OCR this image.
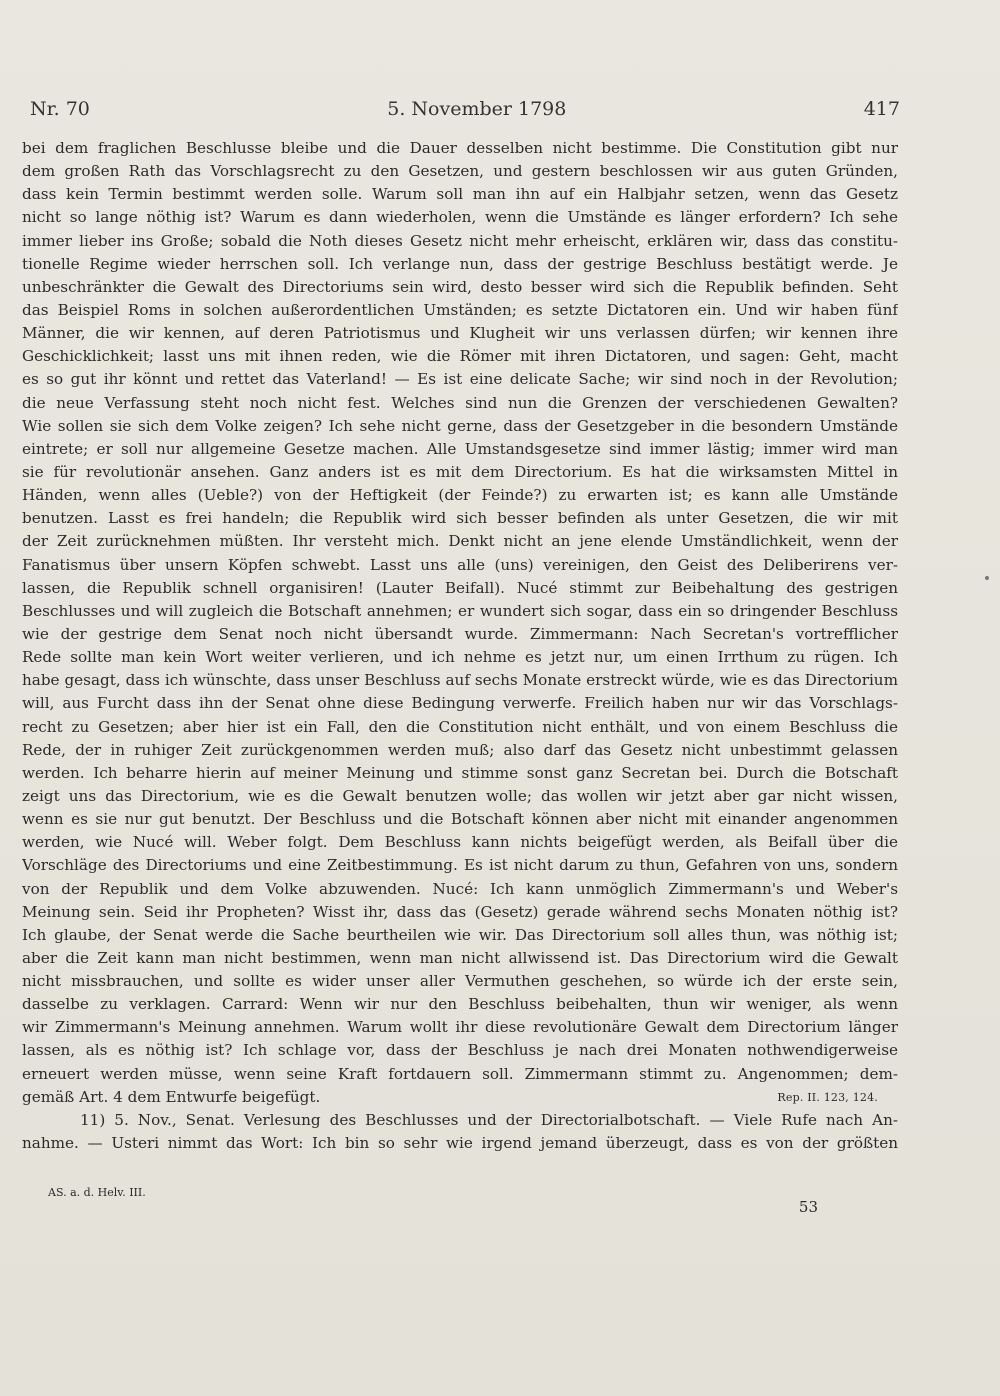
Nr. 70	5. November 1798	417
bei dem fraglichen Beschlusse bleibe und die Dauer desselben nicht bestimme. Die Constitution gibt nur
dem großen Rath das Vorschlagsrecht zu den Gesetzen, und gestern beschlossen wir aus guten Gründen,
dass kein Termin bestimmt werden solle. Warum soll man ihn auf ein Halbjahr setzen, wenn das Gesetz
nicht so lange nöthig ist? Warum es dann wiederholen, wenn die Umstände es länger erfordern? Ich sehe
immer lieber ins Große; sobald die Noth dieses Gesetz nicht mehr erheischt, erklären wir, dass das constitu-
tionelle Regime wieder herrschen soll. Ich verlange nun, dass der gestrige Beschluss bestätigt werde. Je
unbeschränkter die Gewalt des Directoriums sein wird, desto besser wird sich die Republik befinden. Seht
das Beispiel Roms in solchen außerordentlichen Umständen; es setzte Dictatoren ein. Und wir haben fünf
Männer, die wir kennen, auf deren Patriotismus und Klugheit wir uns verlassen dürfen; wir kennen ihre
Geschicklichkeit; lasst uns mit ihnen reden, wie die Römer mit ihren Dictatoren, und sagen: Geht, macht
es so gut ihr könnt und rettet das Vaterland! — Es ist eine delicate Sache; wir sind noch in der Revolution;
die neue Verfassung steht noch nicht fest. Welches sind nun die Grenzen der verschiedenen Gewalten?
Wie sollen sie sich dem Volke zeigen? Ich sehe nicht gerne, dass der Gesetzgeber in die besondern Umstände
eintrete; er soll nur allgemeine Gesetze machen. Alle Umstandsgesetze sind immer lästig; immer wird man
sie für revolutionär ansehen. Ganz anders ist es mit dem Directorium. Es hat die wirksamsten Mittel in
Händen, wenn alles (Ueble?) von der Heftigkeit (der Feinde?) zu erwarten ist; es kann alle Umstände
benutzen. Lasst es frei handeln; die Republik wird sich besser befinden als unter Gesetzen, die wir mit
der Zeit zurücknehmen müßten. Ihr versteht mich. Denkt nicht an jene elende Umständlichkeit, wenn der
Fanatismus über unsern Köpfen schwebt. Lasst uns alle (uns) vereinigen, den Geist des Deliberirens ver-
lassen, die Republik schnell organisiren! (Lauter Beifall). Nucé stimmt zur Beibehaltung des gestrigen
Beschlusses und will zugleich die Botschaft annehmen; er wundert sich sogar, dass ein so dringender Beschluss
wie der gestrige dem Senat noch nicht übersandt wurde. Zimmermann: Nach Secretan's vortrefflicher
Rede sollte man kein Wort weiter verlieren, und ich nehme es jetzt nur, um einen Irrthum zu rügen. Ich
habe gesagt, dass ich wünschte, dass unser Beschluss auf sechs Monate erstreckt würde, wie es das Directorium
will, aus Furcht dass ihn der Senat ohne diese Bedingung verwerfe. Freilich haben nur wir das Vorschlags-
recht zu Gesetzen; aber hier ist ein Fall, den die Constitution nicht enthält, und von einem Beschluss die
Rede, der in ruhiger Zeit zurückgenommen werden muß; also darf das Gesetz nicht unbestimmt gelassen
werden. Ich beharre hierin auf meiner Meinung und stimme sonst ganz Secretan bei. Durch die Botschaft
zeigt uns das Directorium, wie es die Gewalt benutzen wolle; das wollen wir jetzt aber gar nicht wissen,
wenn es sie nur gut benutzt. Der Beschluss und die Botschaft können aber nicht mit einander angenommen
werden, wie Nucé will. Weber folgt. Dem Beschluss kann nichts beigefügt werden, als Beifall über die
Vorschläge des Directoriums und eine Zeitbestimmung. Es ist nicht darum zu thun, Gefahren von uns, sondern
von der Republik und dem Volke abzuwenden. Nucé: Ich kann unmöglich Zimmermann's und Weber's
Meinung sein. Seid ihr Propheten? Wisst ihr, dass das (Gesetz) gerade während sechs Monaten nöthig ist?
Ich glaube, der Senat werde die Sache beurtheilen wie wir. Das Directorium soll alles thun, was nöthig ist;
aber die Zeit kann man nicht bestimmen, wenn man nicht allwissend ist. Das Directorium wird die Gewalt
nicht missbrauchen, und sollte es wider unser aller Vermuthen geschehen, so würde ich der erste sein,
dasselbe zu verklagen. Carrard: Wenn wir nur den Beschluss beibehalten, thun wir weniger, als wenn
wir Zimmermann's Meinung annehmen. Warum wollt ihr diese revolutionäre Gewalt dem Directorium länger
lassen, als es nöthig ist? Ich schlage vor, dass der Beschluss je nach drei Monaten nothwendigerweise
erneuert werden müsse, wenn seine Kraft fortdauern soll. Zimmermann stimmt zu. Angenommen; dem-
gemäß Art. 4 dem Entwurfe beigefügt.	Rep. II. 123, 124.
11) 5. Nov., Senat. Verlesung des Beschlusses und der Directorialbotschaft. — Viele Rufe nach An-
nahme. — Usteri nimmt das Wort: Ich bin so sehr wie irgend jemand überzeugt, dass es von der größten
AS. a. d. Helv. III.
53
